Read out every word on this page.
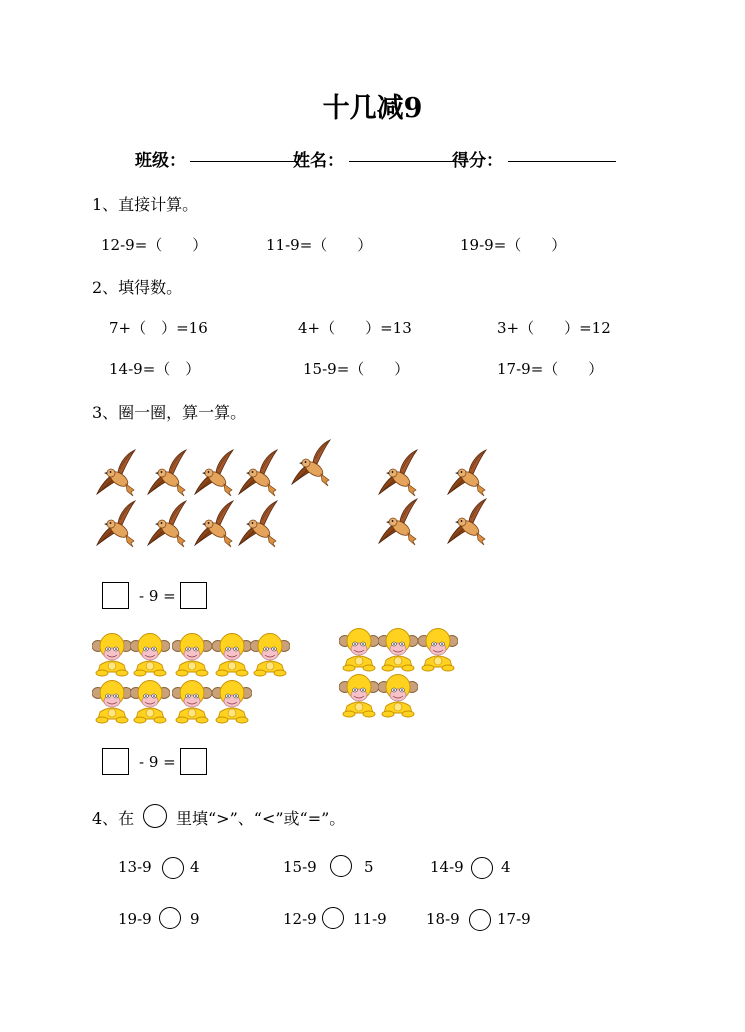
十几减9
班级：	姓名：	得分：
1、直接计算。
12-9=（　　）	11-9=（　　）	19-9=（　　）
2、填得数。
7+（　）=16	4+（　　）=13	3+（　　）=12
14-9=（　）	15-9=（　　）	17-9=（　　）
3、圈一圈，算一算。
- 9 =
- 9 =
4、在	里填“>”、“<”或“=”。
13-9	4	15-9	5	14-9 4
19-9	9	12-9 11-9	18-9 17-9
